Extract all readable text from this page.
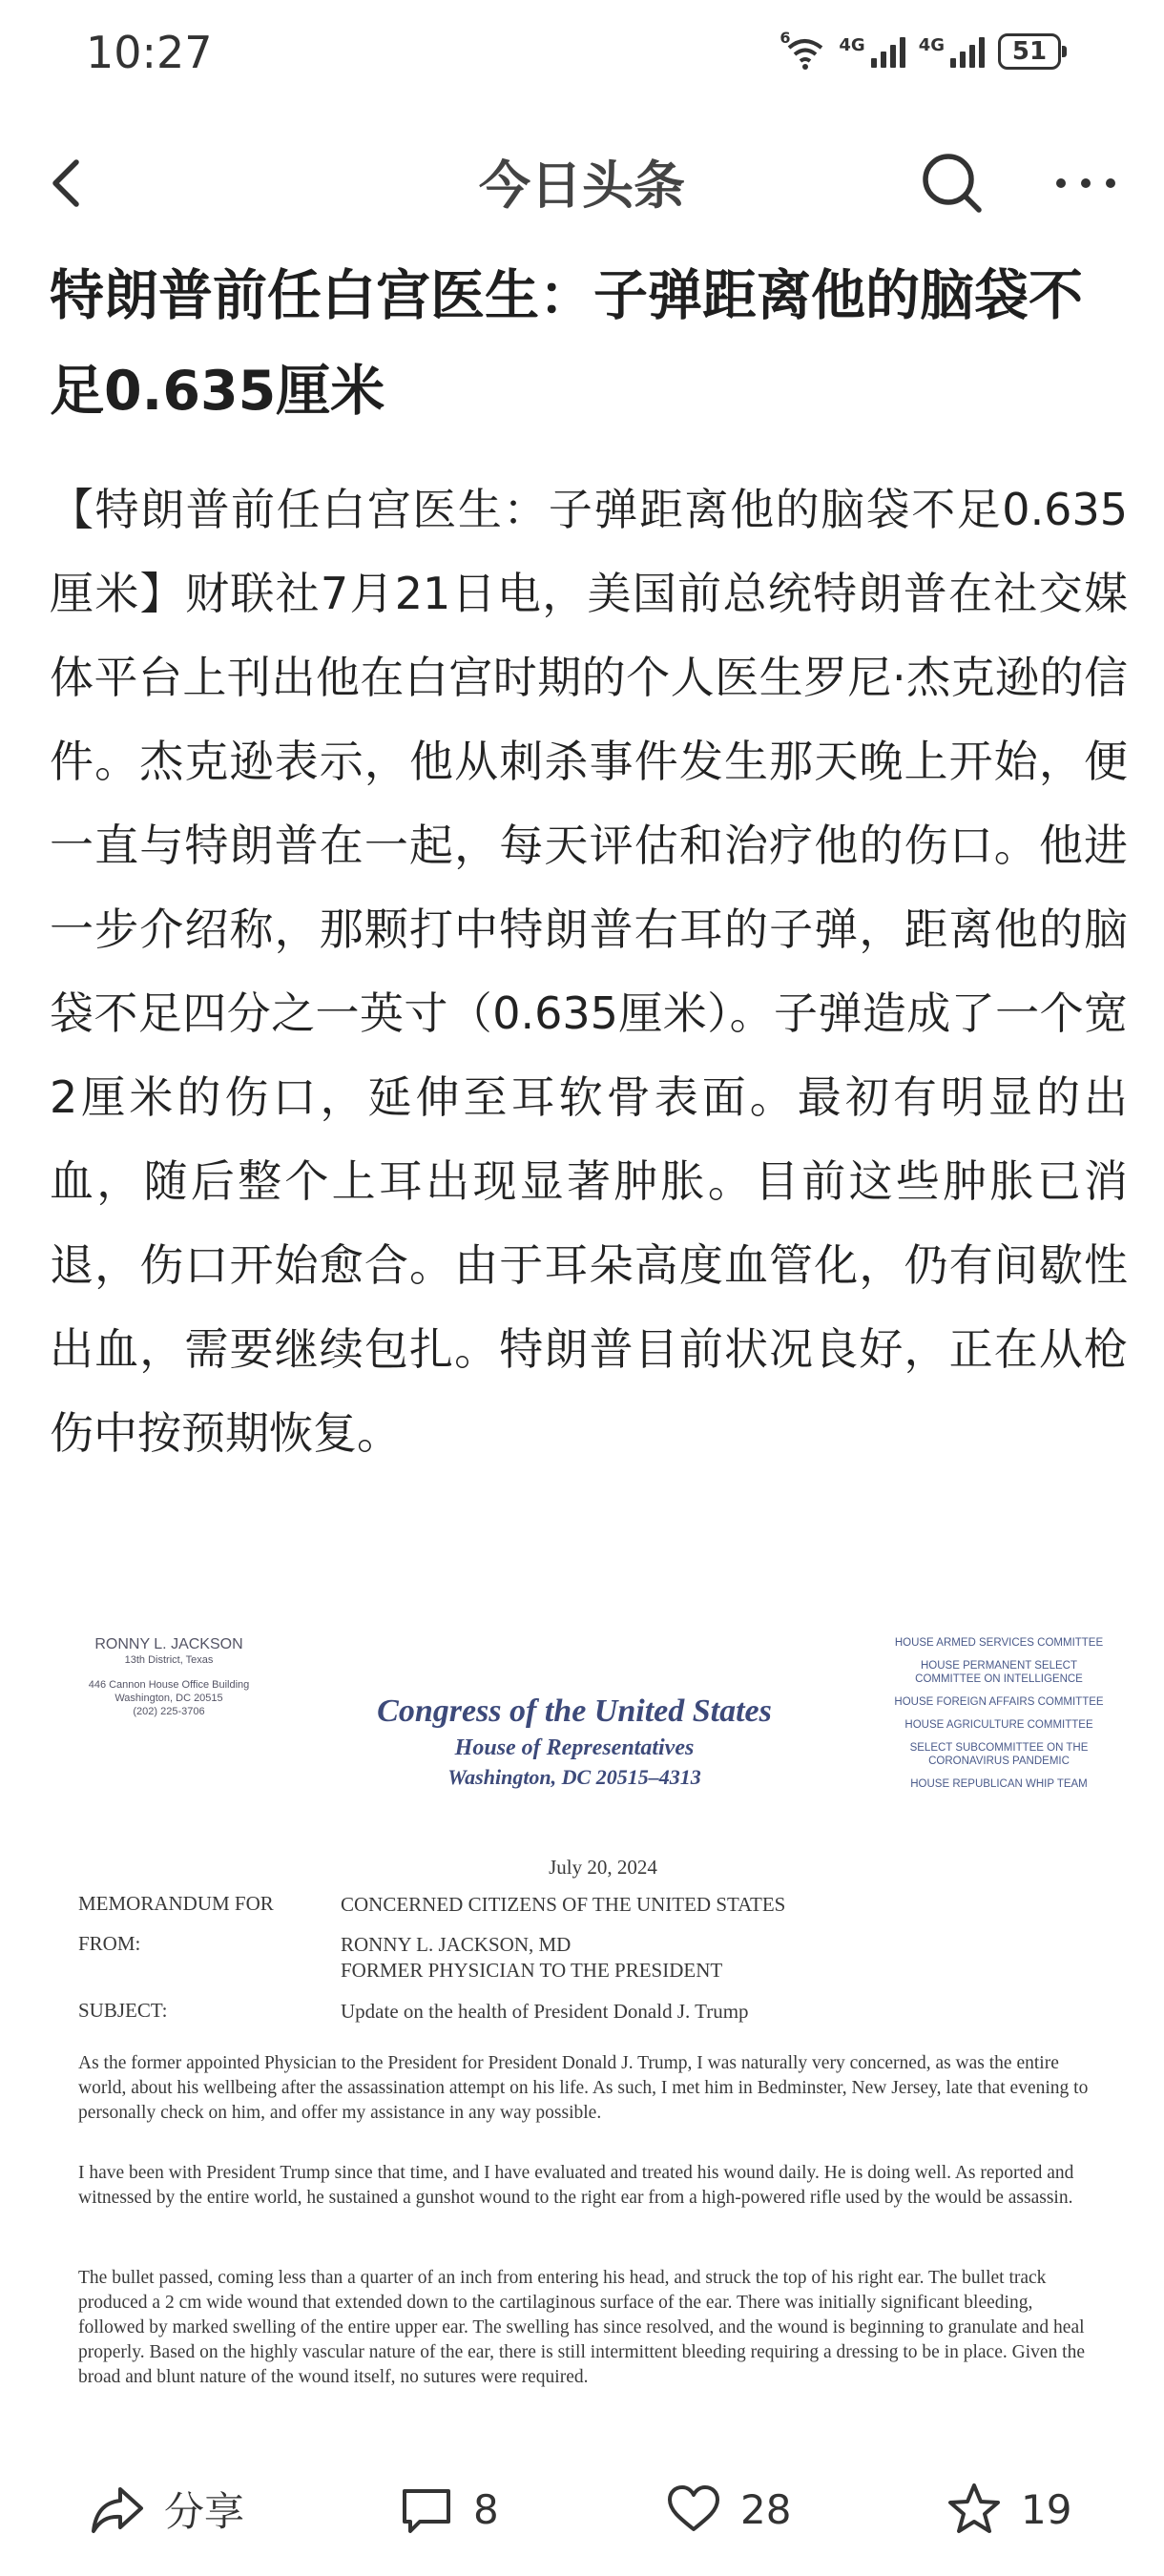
10:27	6	4G	4G	51
今日头条
特朗普前任白宫医生：子弹距离他的脑袋不足0.635厘米

【特朗普前任白宫医生：子弹距离他的脑袋不足0.635厘米】财联社7月21日电，美国前总统特朗普在社交媒体平台上刊出他在白宫时期的个人医生罗尼·杰克逊的信件。杰克逊表示，他从刺杀事件发生那天晚上开始，便一直与特朗普在一起，每天评估和治疗他的伤口。他进一步介绍称，那颗打中特朗普右耳的子弹，距离他的脑袋不足四分之一英寸（0.635厘米）。子弹造成了一个宽2厘米的伤口，延伸至耳软骨表面。最初有明显的出血，随后整个上耳出现显著肿胀。目前这些肿胀已消退，伤口开始愈合。由于耳朵高度血管化，仍有间歇性出血，需要继续包扎。特朗普目前状况良好，正在从枪伤中按预期恢复。

RONNY L. JACKSON
13th District, Texas
446 Cannon House Office Building
Washington, DC 20515
(202) 225-3706	Congress of the United States
House of Representatives
Washington, DC 20515–4313
HOUSE ARMED SERVICES COMMITTEE
HOUSE PERMANENT SELECT COMMITTEE ON INTELLIGENCE
HOUSE FOREIGN AFFAIRS COMMITTEE
HOUSE AGRICULTURE COMMITTEE
SELECT SUBCOMMITTEE ON THE CORONAVIRUS PANDEMIC
HOUSE REPUBLICAN WHIP TEAM
July 20, 2024
MEMORANDUM FOR	CONCERNED CITIZENS OF THE UNITED STATES
FROM:	RONNY L. JACKSON, MD
FORMER PHYSICIAN TO THE PRESIDENT
SUBJECT:	Update on the health of President Donald J. Trump

As the former appointed Physician to the President for President Donald J. Trump, I was naturally very concerned, as was the entire world, about his wellbeing after the assassination attempt on his life. As such, I met him in Bedminster, New Jersey, late that evening to personally check on him, and offer my assistance in any way possible.

I have been with President Trump since that time, and I have evaluated and treated his wound daily. He is doing well. As reported and witnessed by the entire world, he sustained a gunshot wound to the right ear from a high-powered rifle used by the would be assassin.

The bullet passed, coming less than a quarter of an inch from entering his head, and struck the top of his right ear. The bullet track produced a 2 cm wide wound that extended down to the cartilaginous surface of the ear. There was initially significant bleeding, followed by marked swelling of the entire upper ear. The swelling has since resolved, and the wound is beginning to granulate and heal properly. Based on the highly vascular nature of the ear, there is still intermittent bleeding requiring a dressing to be in place. Given the broad and blunt nature of the wound itself, no sutures were required.

分享	8	28	19
